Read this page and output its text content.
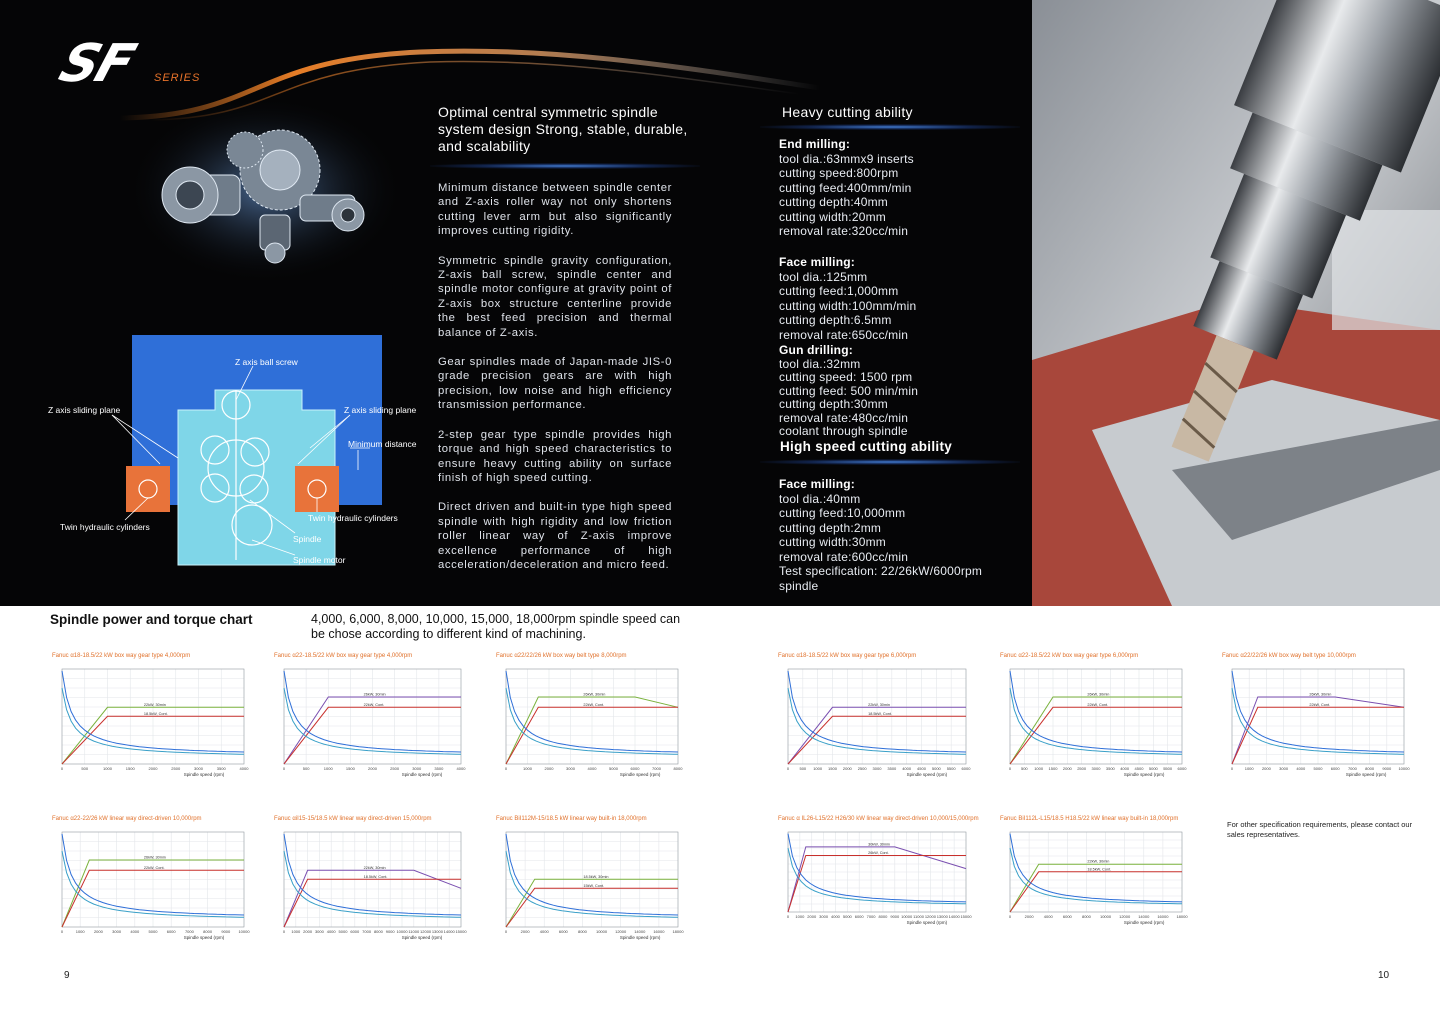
SF SERIES
Optimal central symmetric spindle system design Strong, stable, durable, and scalability

Minimum distance between spindle center and Z-axis roller way not only shortens cutting lever arm but also significantly improves cutting rigidity.

Symmetric spindle gravity configuration, Z-axis ball screw, spindle center and spindle motor configure at gravity point of Z-axis box structure centerline provide the best feed precision and thermal balance of Z-axis.

Gear spindles made of Japan-made JIS-0 grade precision gears are with high precision, low noise and high efficiency transmission performance.

2-step gear type spindle provides high torque and high speed characteristics to ensure heavy cutting ability on surface finish of high speed cutting.

Direct driven and built-in type high speed spindle with high rigidity and low friction roller linear way of Z-axis improve excellence performance of high acceleration/deceleration and micro feed.

Z axis ball screw
Z axis sliding plane	Z axis sliding plane
Minimum distance
Twin hydraulic cylinders
Twin hydraulic cylinders
Spindle
Spindle motor
Heavy cutting ability
End milling:
tool dia.:63mmx9 inserts
cutting speed:800rpm
cutting feed:400mm/min
cutting depth:40mm
cutting width:20mm
removal rate:320cc/min
Face milling:
tool dia.:125mm
cutting feed:1,000mm
cutting width:100mm/min
cutting depth:6.5mm
removal rate:650cc/min
Gun drilling:
tool dia.:32mm
cutting speed: 1500 rpm
cutting feed: 500 min/min
cutting depth:30mm
removal rate:480cc/min
coolant through spindle
High speed cutting ability
Face milling:
tool dia.:40mm
cutting feed:10,000mm
cutting depth:2mm
cutting width:30mm
removal rate:600cc/min
Test specification: 22/26kW/6000rpm spindle
Spindle power and torque chart	4,000, 6,000, 8,000, 10,000, 15,000, 18,000rpm spindle speed can be chose according to different kind of machining.
Fanuc α18-18.5/22 kW box way gear type 4,000rpm
0	500	1000	1500	2000	2500	3000	3500	4000
22kW, 30min
18.5kW, Cont.
Spindle speed (rpm)
Fanuc α22-18.5/22 kW box way gear type 4,000rpm
0	500	1000	1500	2000	2500	3000	3500	4000
26kW, 30min
22kW, Cont.
Spindle speed (rpm)
Fanuc α22/22/26 kW box way belt type 8,000rpm
0	1000	2000	3000	4000	5000	6000	7000	8000
26kW, 30min
22kW, Cont.
Spindle speed (rpm)
Fanuc α18-18.5/22 kW box way gear type 6,000rpm
0	500 1000 1500 2000 2500 3000 3500 4000 4500 5000 5500 6000
22kW, 30min
18.5kW, Cont.
Spindle speed (rpm)
Fanuc α22-18.5/22 kW box way gear type 6,000rpm
0 500 1000 1500 2000 2500 3000 3500 4000 4500 5000 5500 6000
26kW, 30min
22kW, Cont.
Spindle speed (rpm)
Fanuc α22/22/26 kW box way belt type 10,000rpm
0	1000 2000 3000 4000 5000 6000 7000 8000 9000 10000
26kW, 30min
22kW, Cont.
Spindle speed (rpm)
Fanuc α22-22/26 kW linear way direct-driven 10,000rpm
0	1000 2000 3000 4000 5000 6000 7000 8000 9000 10000
26kW, 30min
22kW, Cont.
Spindle speed (rpm)
Fanuc αiI15-15/18.5 kW linear way direct-driven 15,000rpm
0 1000 2000 3000 4000 5000 6000 7000 8000 9000 10000 11000 12000 13000 14000 15000
22kW, 30min
18.5kW, Cont.
Spindle speed (rpm)
Fanuc BiI112M-15/18.5 kW linear way built-in 18,000rpm
0	2000	4000	6000	8000 10000 12000 14000 16000 18000
18.5kW, 30min
15kW, Cont.
Spindle speed (rpm)
Fanuc α IL26-L15/22 H26/30 kW linear way direct-driven 10,000/15,000rpm
0 1000 2000 3000 4000 5000 6000 7000 8000 9000 10000 11000 12000 13000 14000 15000
30kW, 30min
26kW, Cont.
Spindle speed (rpm)
Fanuc BiI112L-L15/18.5 H18.5/22 kW linear way built-in 18,000rpm
0	2000	4000	6000	8000 10000 12000 14000 16000 18000
22kW, 30min
18.5kW, Cont.
Spindle speed (rpm)
For other specification requirements, please contact our sales representatives.
9	10
